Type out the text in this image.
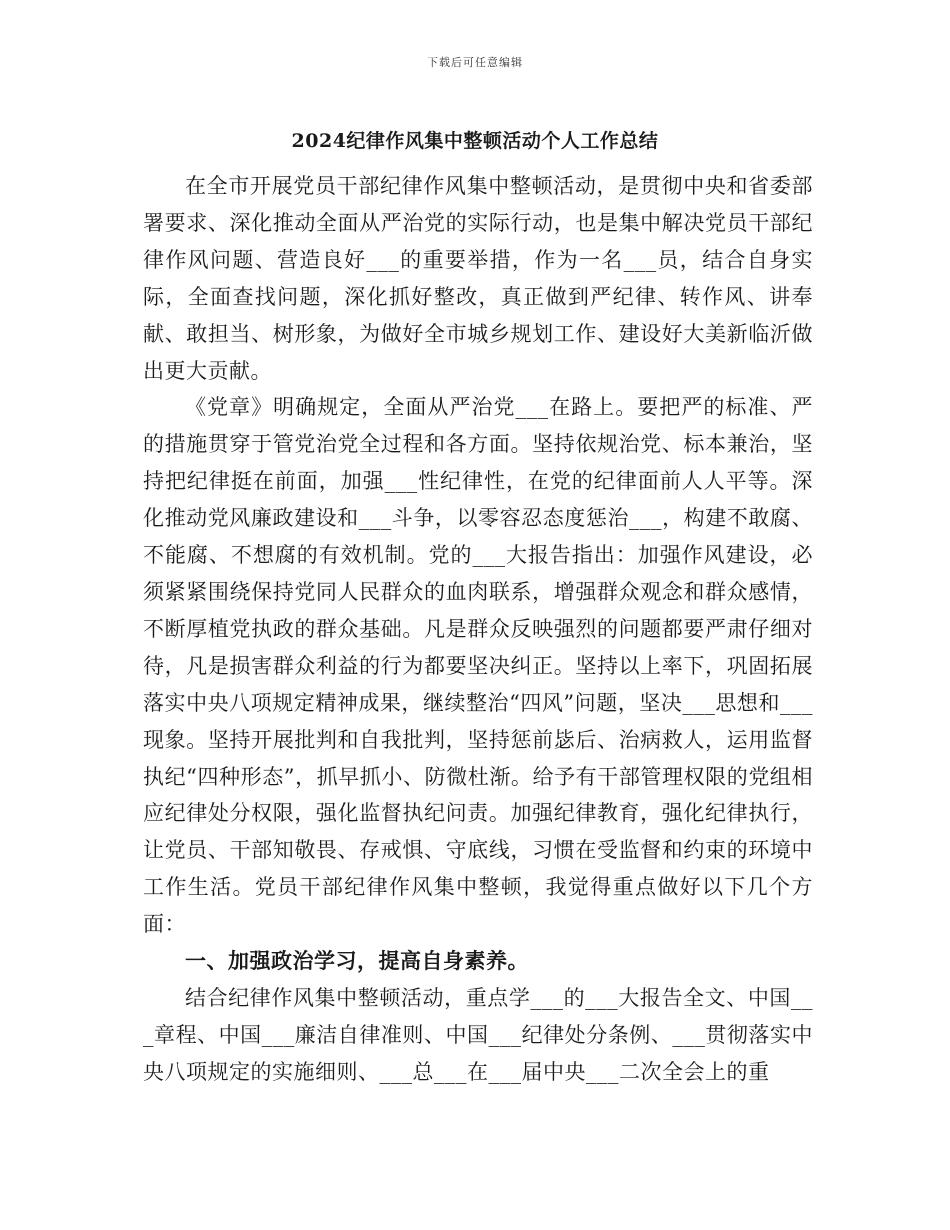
下载后可任意编辑
2024纪律作风集中整顿活动个人工作总结

在全市开展党员干部纪律作风集中整顿活动，是贯彻中央和省委部署要求、深化推动全面从严治党的实际行动，也是集中解决党员干部纪律作风问题、营造良好___的重要举措，作为一名___员，结合自身实际，全面查找问题，深化抓好整改，真正做到严纪律、转作风、讲奉献、敢担当、树形象，为做好全市城乡规划工作、建设好大美新临沂做出更大贡献。

《党章》明确规定，全面从严治党___在路上。要把严的标准、严的措施贯穿于管党治党全过程和各方面。坚持依规治党、标本兼治，坚持把纪律挺在前面，加强___性纪律性，在党的纪律面前人人平等。深化推动党风廉政建设和___斗争，以零容忍态度惩治___，构建不敢腐、不能腐、不想腐的有效机制。党的___大报告指出：加强作风建设，必须紧紧围绕保持党同人民群众的血肉联系，增强群众观念和群众感情，不断厚植党执政的群众基础。凡是群众反映强烈的问题都要严肃仔细对待，凡是损害群众利益的行为都要坚决纠正。坚持以上率下，巩固拓展落实中央八项规定精神成果，继续整治“四风”问题，坚决___思想和___现象。坚持开展批判和自我批判，坚持惩前毖后、治病救人，运用监督执纪“四种形态”，抓早抓小、防微杜渐。给予有干部管理权限的党组相应纪律处分权限，强化监督执纪问责。加强纪律教育，强化纪律执行，让党员、干部知敬畏、存戒惧、守底线，习惯在受监督和约束的环境中工作生活。党员干部纪律作风集中整顿，我觉得重点做好以下几个方面：

一、加强政治学习，提高自身素养。

结合纪律作风集中整顿活动，重点学___的___大报告全文、中国___章程、中国___廉洁自律准则、中国___纪律处分条例、___贯彻落实中央八项规定的实施细则、___总___在___届中央___二次全会上的重
